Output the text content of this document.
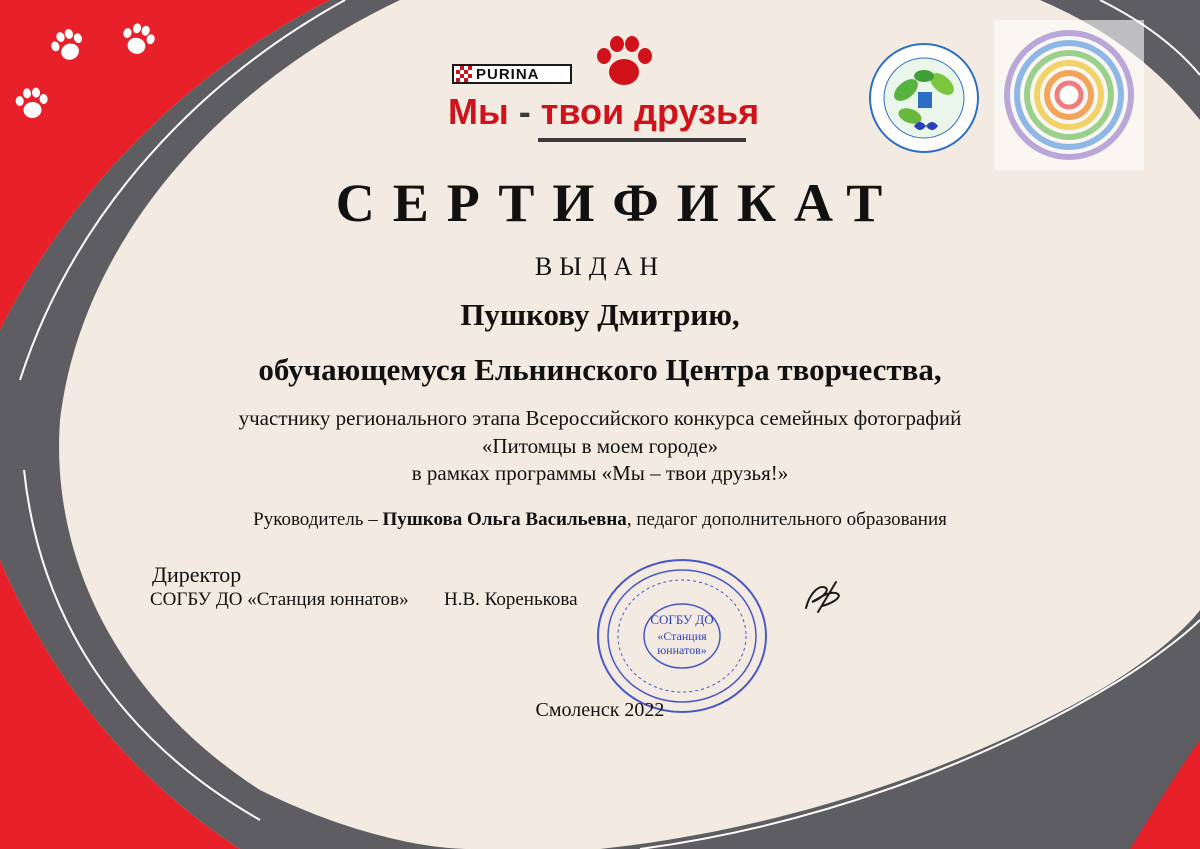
PURINA
Мы - твои друзья
СЕРТИФИКАТ
ВЫДАН
Пушкову Дмитрию,
обучающемуся Ельнинского Центра творчества,
участнику регионального этапа Всероссийского конкурса семейных фотографий
«Питомцы в моем городе»
в рамках программы «Мы – твои друзья!»
Руководитель – Пушкова Ольга Васильевна, педагог дополнительного образования
Директор
СОГБУ ДО «Станция юннатов» Н.В. Коренькова
СОГБУ ДО
«Станция
юннатов»
Смоленск 2022
